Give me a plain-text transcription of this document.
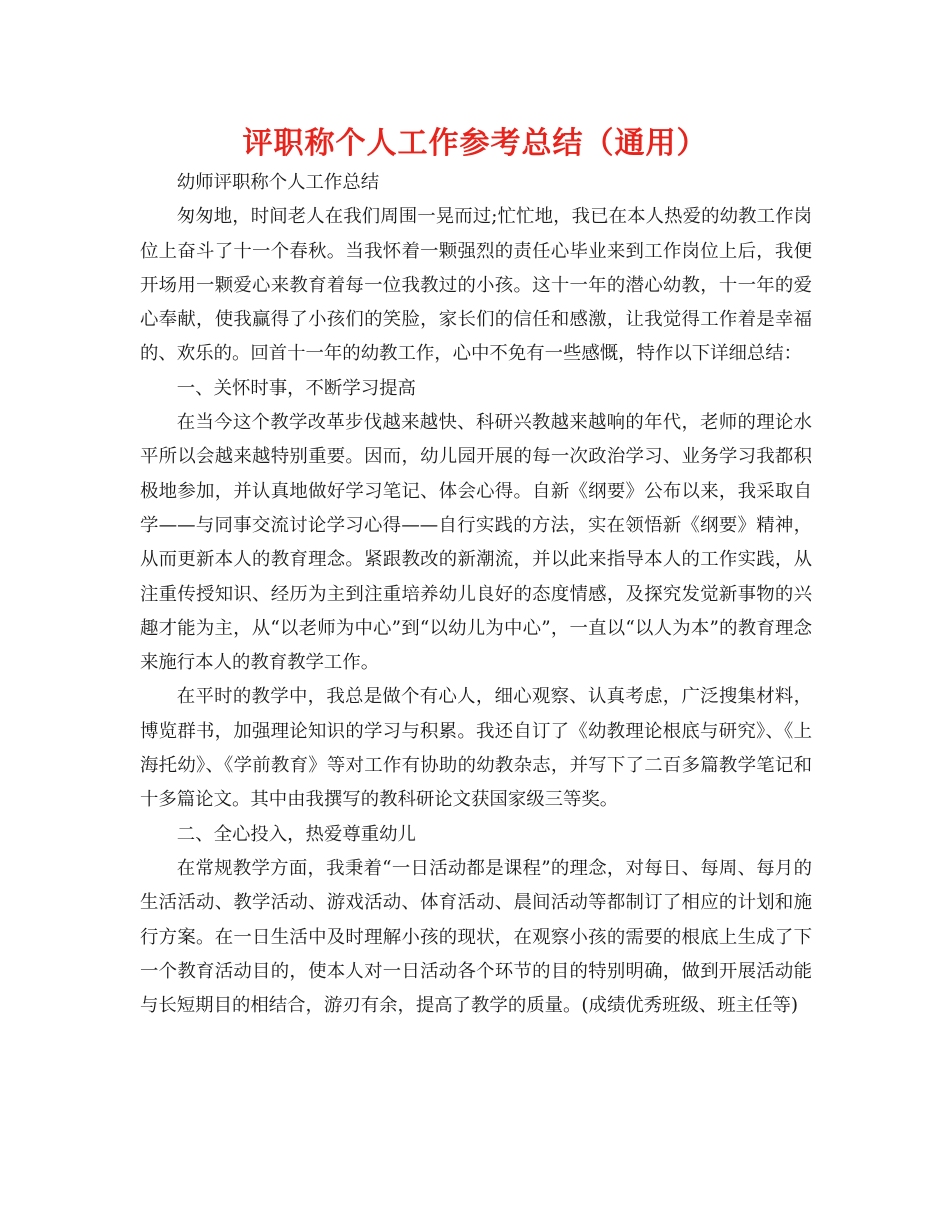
评职称个人工作参考总结（通用）

幼师评职称个人工作总结

匆匆地，时间老人在我们周围一晃而过;忙忙地，我已在本人热爱的幼教工作岗位上奋斗了十一个春秋。当我怀着一颗强烈的责任心毕业来到工作岗位上后，我便开场用一颗爱心来教育着每一位我教过的小孩。这十一年的潜心幼教，十一年的爱心奉献，使我赢得了小孩们的笑脸，家长们的信任和感激，让我觉得工作着是幸福的、欢乐的。回首十一年的幼教工作，心中不免有一些感慨，特作以下详细总结：

一、关怀时事，不断学习提高

在当今这个教学改革步伐越来越快、科研兴教越来越响的年代，老师的理论水平所以会越来越特别重要。因而，幼儿园开展的每一次政治学习、业务学习我都积极地参加，并认真地做好学习笔记、体会心得。自新《纲要》公布以来，我采取自学——与同事交流讨论学习心得——自行实践的方法，实在领悟新《纲要》精神，从而更新本人的教育理念。紧跟教改的新潮流，并以此来指导本人的工作实践，从注重传授知识、经历为主到注重培养幼儿良好的态度情感，及探究发觉新事物的兴趣才能为主，从“以老师为中心”到“以幼儿为中心”，一直以“以人为本”的教育理念来施行本人的教育教学工作。

在平时的教学中，我总是做个有心人，细心观察、认真考虑，广泛搜集材料，博览群书，加强理论知识的学习与积累。我还自订了《幼教理论根底与研究》、《上海托幼》、《学前教育》等对工作有协助的幼教杂志，并写下了二百多篇教学笔记和十多篇论文。其中由我撰写的教科研论文获国家级三等奖。

二、全心投入，热爱尊重幼儿

在常规教学方面，我秉着“一日活动都是课程”的理念，对每日、每周、每月的生活活动、教学活动、游戏活动、体育活动、晨间活动等都制订了相应的计划和施行方案。在一日生活中及时理解小孩的现状，在观察小孩的需要的根底上生成了下一个教育活动目的，使本人对一日活动各个环节的目的特别明确，做到开展活动能与长短期目的相结合，游刃有余，提高了教学的质量。(成绩优秀班级、班主任等)
